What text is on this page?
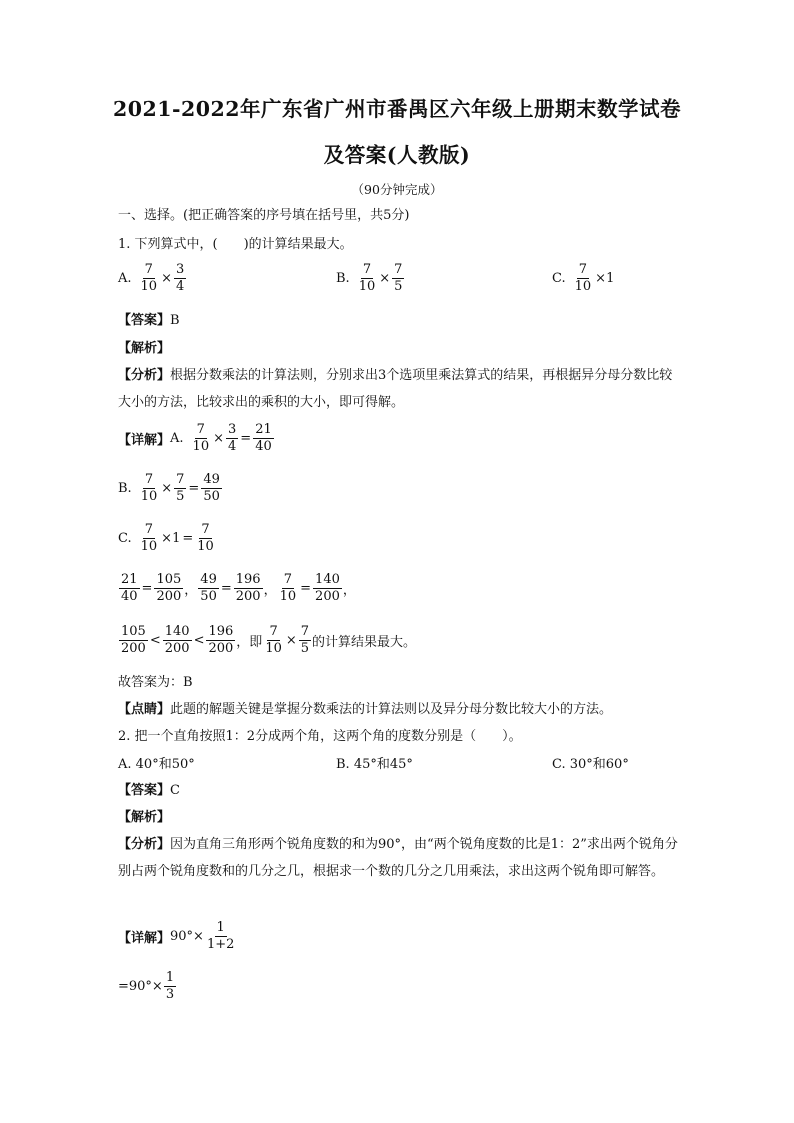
2021-2022年广东省广州市番禺区六年级上册期末数学试卷
及答案(人教版)
（90分钟完成）
一、选择。(把正确答案的序号填在括号里，共5分)
1. 下列算式中，(　　)的计算结果最大。
A. $\frac{7}{10} \times \frac{3}{4}$	B. $\frac{7}{10} \times \frac{7}{5}$	C. $\frac{7}{10} \times 1$
【答案】B
【解析】
【分析】根据分数乘法的计算法则，分别求出3个选项里乘法算式的结果，再根据异分母分数比较大小的方法，比较求出的乘积的大小，即可得解。
【详解】 A. $\frac{7}{10} \times \frac{3}{4} = \frac{21}{40}$
B. $\frac{7}{10} \times \frac{7}{5} = \frac{49}{50}$
C. $\frac{7}{10} \times 1 = \frac{7}{10}$
$\frac{21}{40} = \frac{105}{200}$ ， $\frac{49}{50} = \frac{196}{200}$ ， $\frac{7}{10} = \frac{140}{200}$ ，
$\frac{105}{200} < \frac{140}{200} < \frac{196}{200}$ ，即 $\frac{7}{10} \times \frac{7}{5}$ 的计算结果最大。
故答案为：B
【点睛】此题的解题关键是掌握分数乘法的计算法则以及异分母分数比较大小的方法。
2. 把一个直角按照1：2分成两个角，这两个角的度数分别是（　　）。
A. 40°和50°	B. 45°和45°	C. 30°和60°
【答案】C
【解析】
【分析】因为直角三角形两个锐角度数的和为90°，由“两个锐角度数的比是1：2”求出两个锐角分别占两个锐角度数和的几分之几，根据求一个数的几分之几用乘法，求出这两个锐角即可解答。
【详解】 $90^\circ\times \frac{1}{1+2}$
$=90^\circ\times \frac{1}{3}$
